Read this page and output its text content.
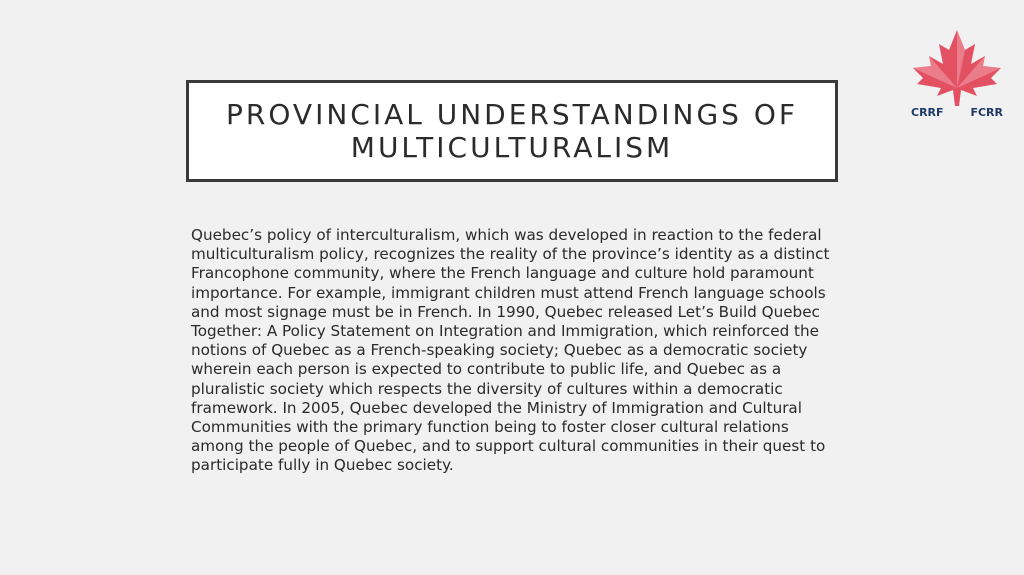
PROVINCIAL UNDERSTANDINGS OF MULTICULTURALISM

Quebec’s policy of interculturalism, which was developed in reaction to the federal multiculturalism policy, recognizes the reality of the province’s identity as a distinct Francophone community, where the French language and culture hold paramount importance. For example, immigrant children must attend French language schools and most signage must be in French. In 1990, Quebec released Let’s Build Quebec Together: A Policy Statement on Integration and Immigration, which reinforced the notions of Quebec as a French-speaking society; Quebec as a democratic society wherein each person is expected to contribute to public life, and Quebec as a pluralistic society which respects the diversity of cultures within a democratic framework. In 2005, Quebec developed the Ministry of Immigration and Cultural Communities with the primary function being to foster closer cultural relations among the people of Quebec, and to support cultural communities in their quest to participate fully in Quebec society.

CRRF FCRR
